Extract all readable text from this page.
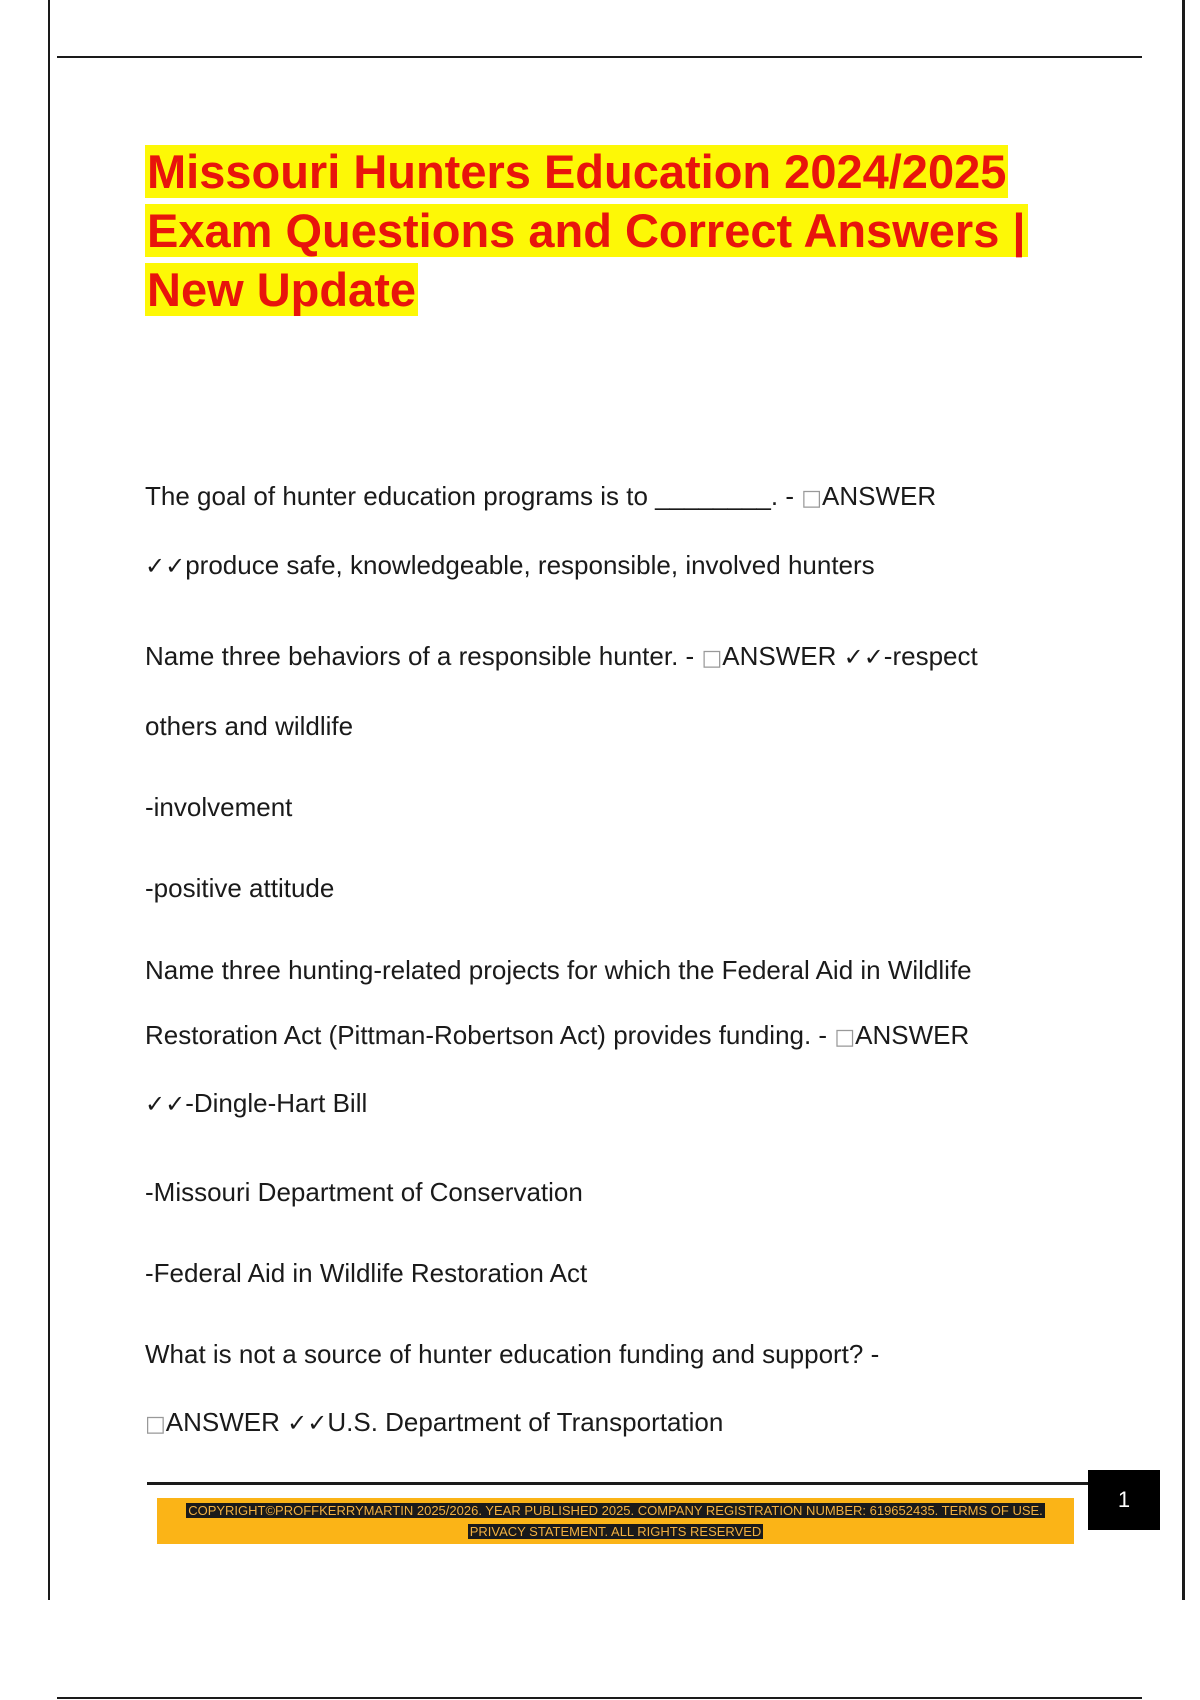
Missouri Hunters Education 2024/2025
Exam Questions and Correct Answers |
New Update
The goal of hunter education programs is to ________. - □ANSWER
✓✓produce safe, knowledgeable, responsible, involved hunters
Name three behaviors of a responsible hunter. - □ANSWER ✓✓-respect
others and wildlife
-involvement
-positive attitude
Name three hunting-related projects for which the Federal Aid in Wildlife
Restoration Act (Pittman-Robertson Act) provides funding. - □ANSWER
✓✓-Dingle-Hart Bill
-Missouri Department of Conservation
-Federal Aid in Wildlife Restoration Act
What is not a source of hunter education funding and support? -
□ANSWER ✓✓U.S. Department of Transportation
COPYRIGHT©PROFFKERRYMARTIN 2025/2026. YEAR PUBLISHED 2025. COMPANY REGISTRATION NUMBER: 619652435. TERMS OF USE.
PRIVACY STATEMENT. ALL RIGHTS RESERVED
1
